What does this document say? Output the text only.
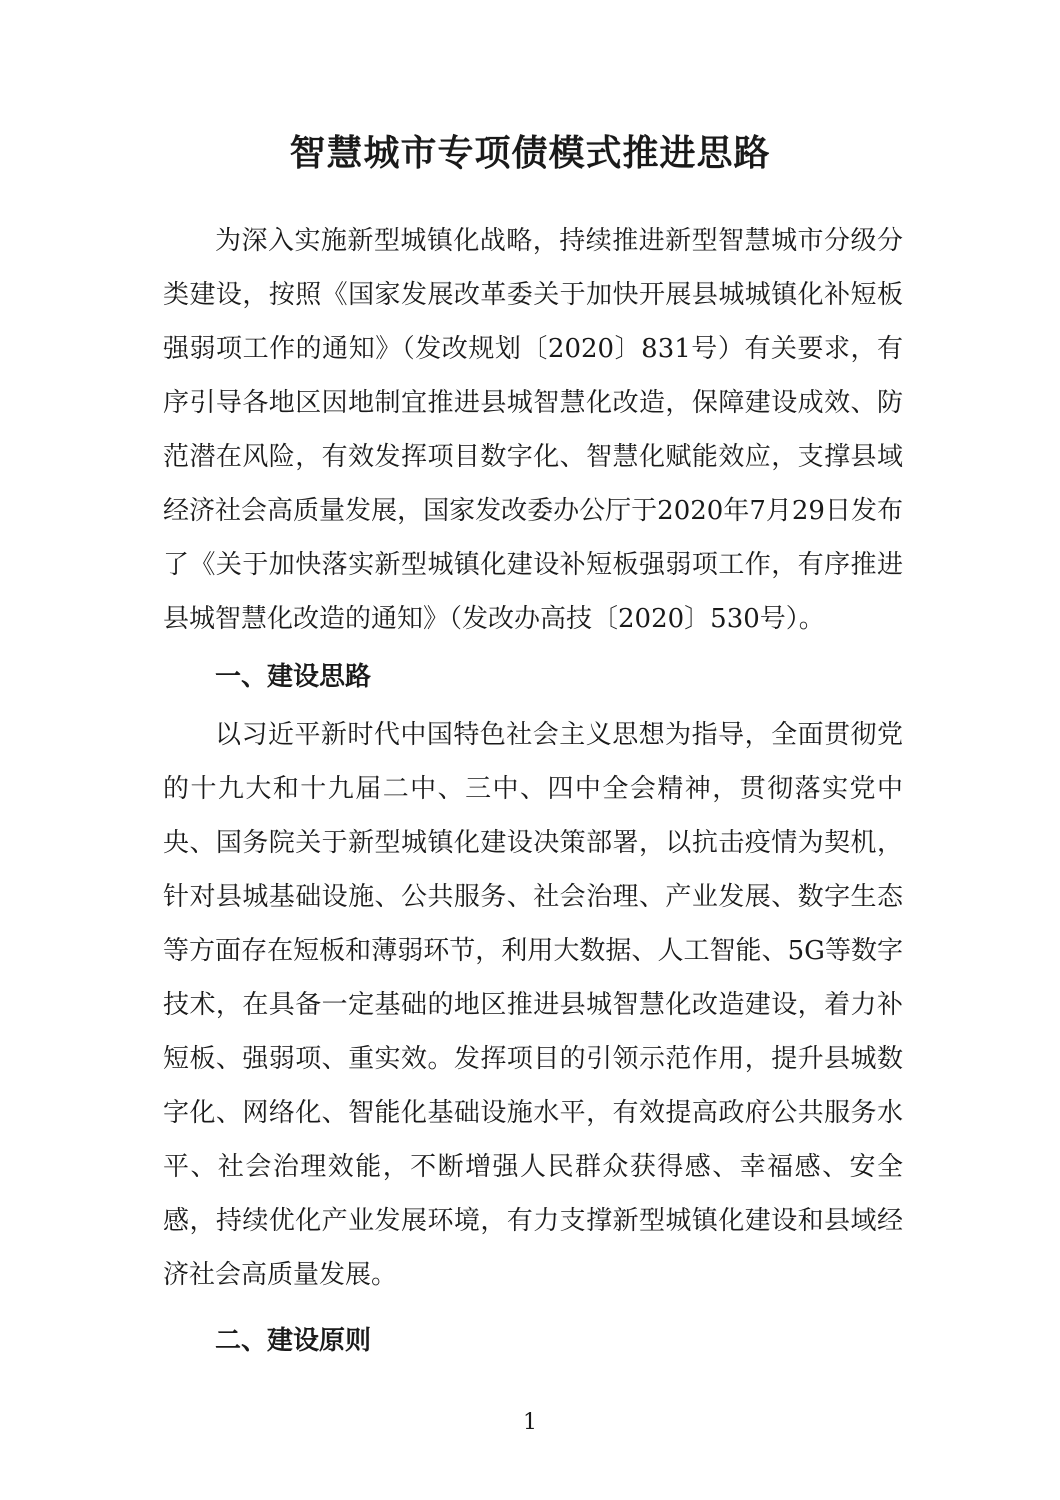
智慧城市专项债模式推进思路

为深入实施新型城镇化战略，持续推进新型智慧城市分级分类建设，按照《国家发展改革委关于加快开展县城城镇化补短板强弱项工作的通知》（发改规划〔2020〕831号）有关要求，有序引导各地区因地制宜推进县城智慧化改造，保障建设成效、防范潜在风险，有效发挥项目数字化、智慧化赋能效应，支撑县域经济社会高质量发展，国家发改委办公厅于2020年7月29日发布了《关于加快落实新型城镇化建设补短板强弱项工作，有序推进县城智慧化改造的通知》（发改办高技〔2020〕530号）。

一、建设思路

以习近平新时代中国特色社会主义思想为指导，全面贯彻党的十九大和十九届二中、三中、四中全会精神，贯彻落实党中央、国务院关于新型城镇化建设决策部署，以抗击疫情为契机，针对县城基础设施、公共服务、社会治理、产业发展、数字生态等方面存在短板和薄弱环节，利用大数据、人工智能、5G等数字技术，在具备一定基础的地区推进县城智慧化改造建设，着力补短板、强弱项、重实效。发挥项目的引领示范作用，提升县城数字化、网络化、智能化基础设施水平，有效提高政府公共服务水平、社会治理效能，不断增强人民群众获得感、幸福感、安全感，持续优化产业发展环境，有力支撑新型城镇化建设和县域经济社会高质量发展。

二、建设原则

1
